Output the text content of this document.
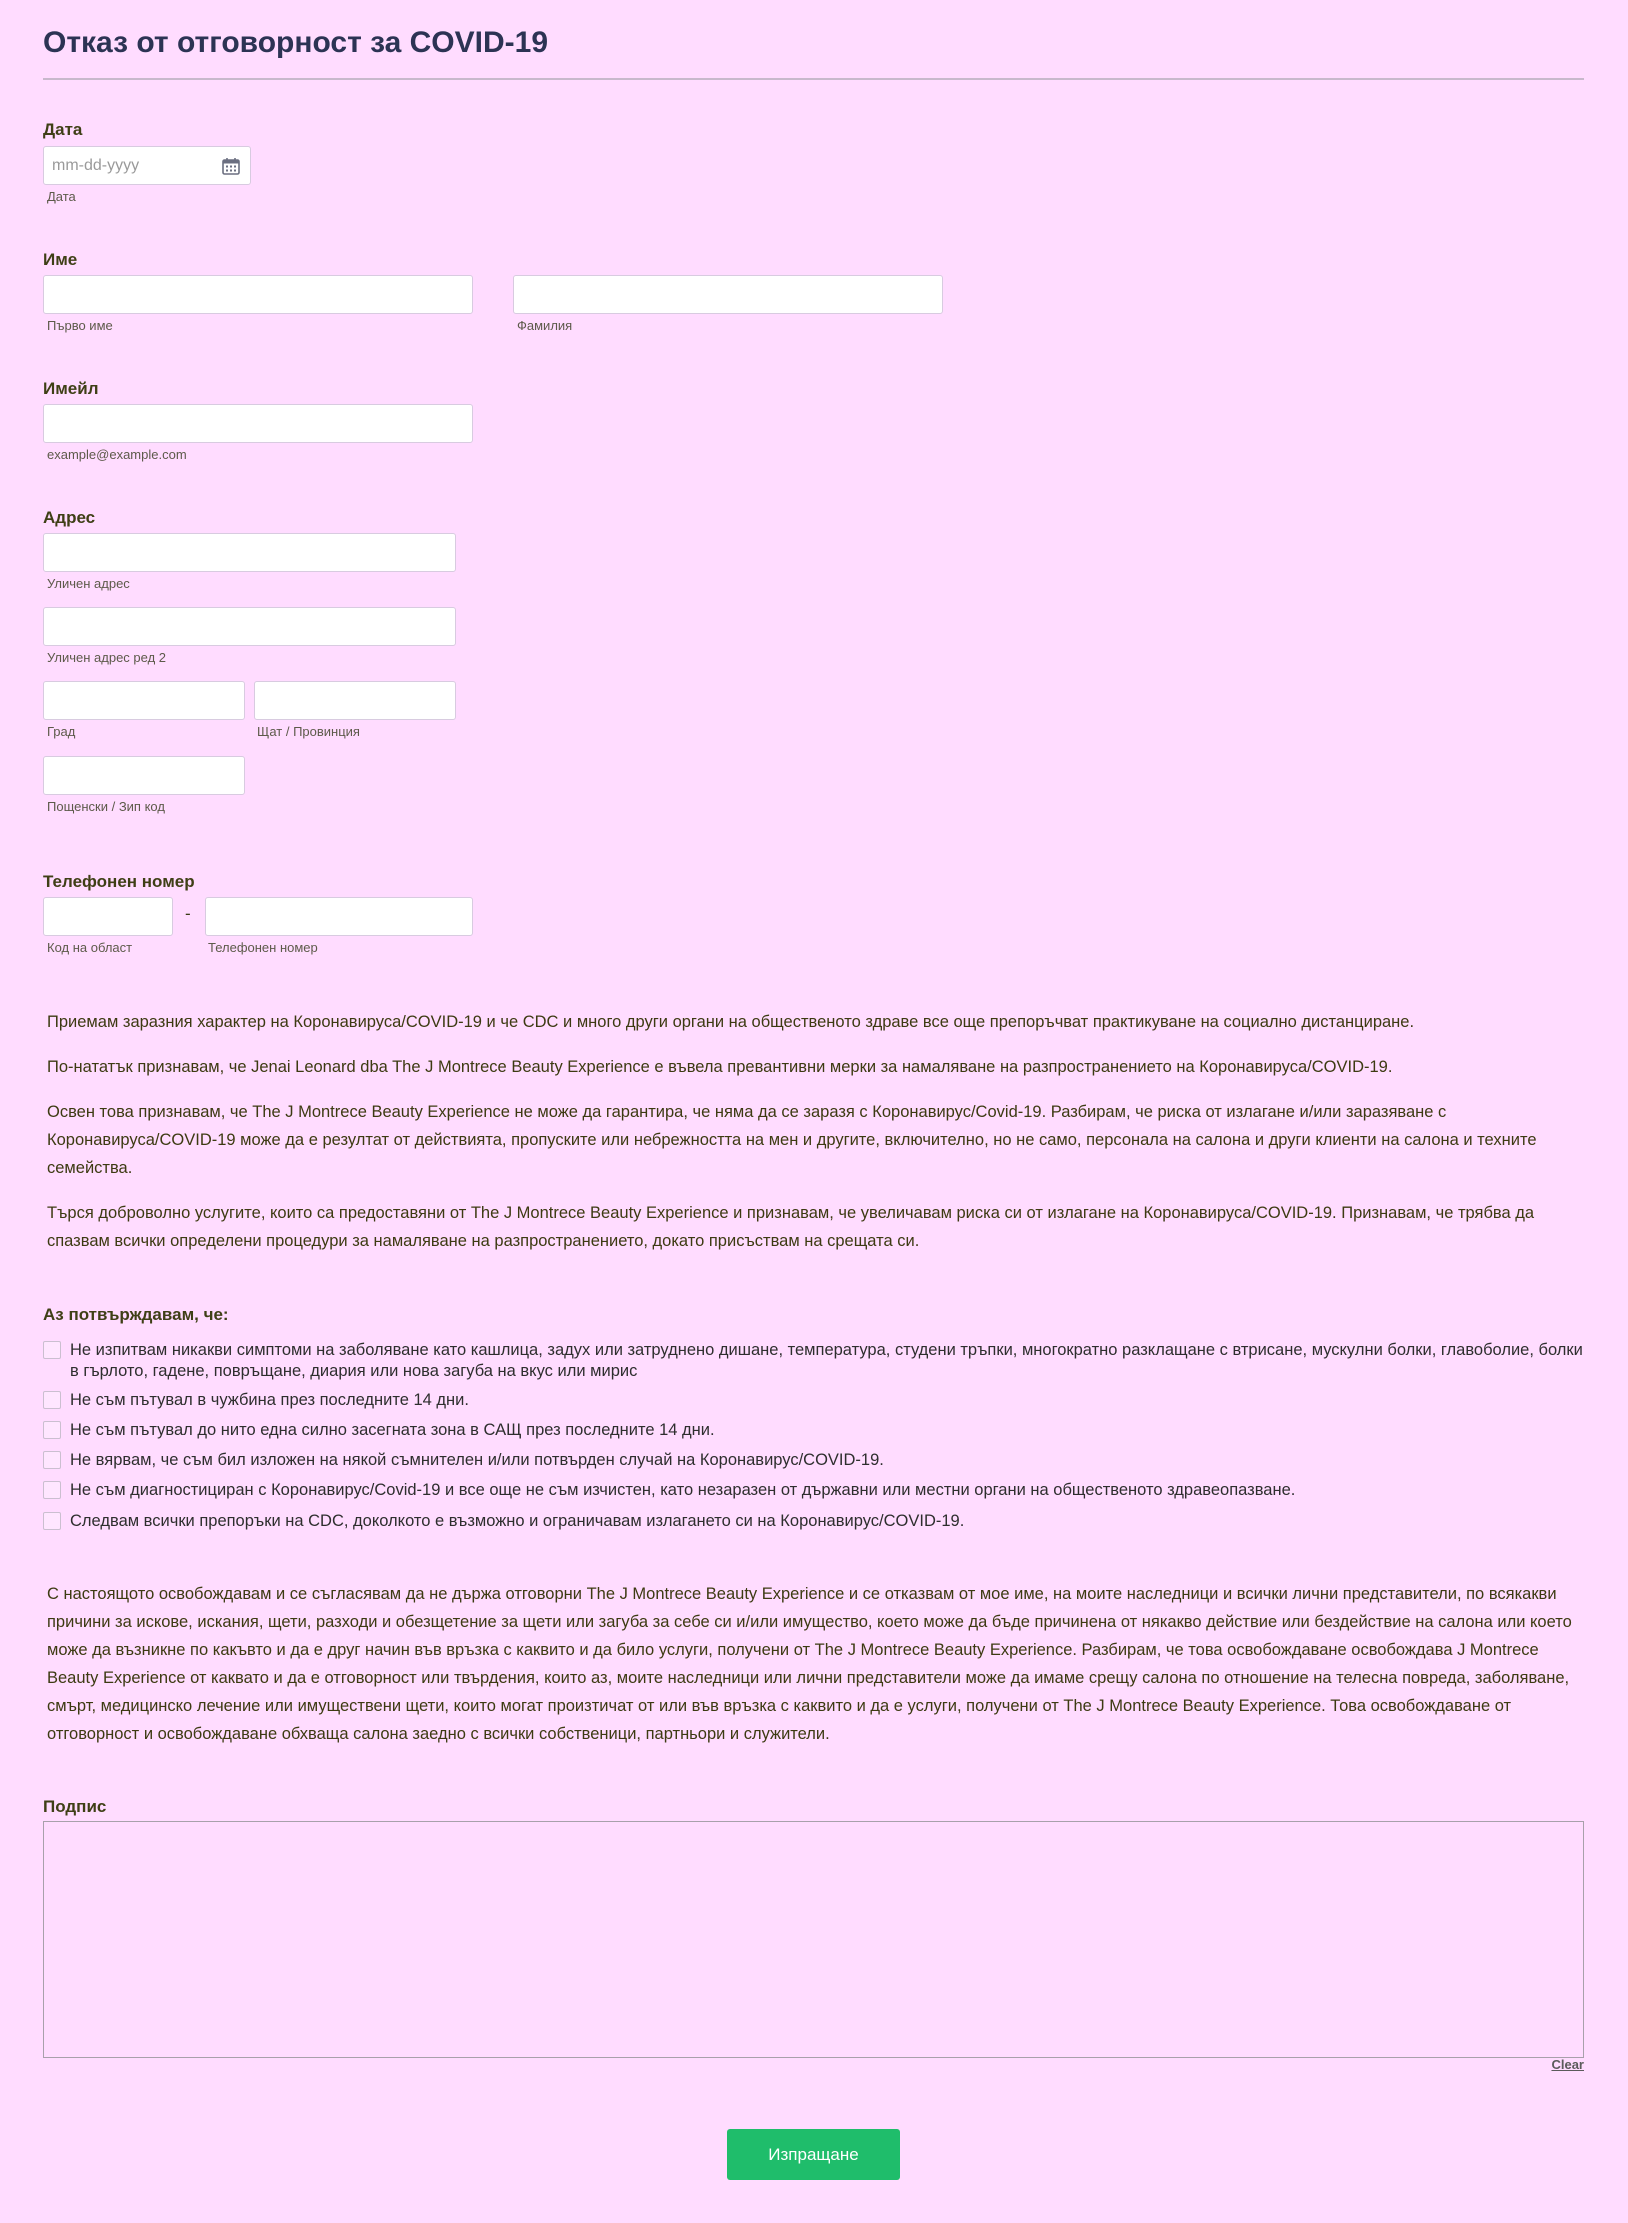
Отказ от отговорност за COVID-19
Дата
mm-dd-yyyy
Дата
Име
Първо име	Фамилия
Имейл
example@example.com
Адрес
Уличен адрес
Уличен адрес ред 2
Град	Щат / Провинция
Пощенски / Зип код
Телефонен номер
-
Код на област	Телефонен номер

Приемам заразния характер на Коронавируса/COVID-19 и че CDC и много други органи на общественото здраве все още препоръчват практикуване на социално дистанциране.

По-нататък признавам, че Jenai Leonard dba The J Montrece Beauty Experience е въвела превантивни мерки за намаляване на разпространението на Коронавируса/COVID-19.

Освен това признавам, че The J Montrece Beauty Experience не може да гарантира, че няма да се заразя с Коронавирус/Covid-19. Разбирам, че риска от излагане и/или заразяване с Коронавируса/COVID-19 може да е резултат от действията, пропуските или небрежността на мен и другите, включително, но не само, персонала на салона и други клиенти на салона и техните семейства.

Търся доброволно услугите, които са предоставяни от The J Montrece Beauty Experience и признавам, че увеличавам риска си от излагане на Коронавируса/COVID-19. Признавам, че трябва да спазвам всички определени процедури за намаляване на разпространението, докато присъствам на срещата си.

Аз потвърждавам, че:
Не изпитвам никакви симптоми на заболяване като кашлица, задух или затруднено дишане, температура, студени тръпки, многократно разклащане с втрисане, мускулни болки, главоболие, болки в гърлото, гадене, повръщане, диария или нова загуба на вкус или мирис
Не съм пътувал в чужбина през последните 14 дни.
Не съм пътувал до нито една силно засегната зона в САЩ през последните 14 дни.
Не вярвам, че съм бил изложен на някой съмнителен и/или потвърден случай на Коронавирус/COVID-19.
Не съм диагностициран с Коронавирус/Covid-19 и все още не съм изчистен, като незаразен от държавни или местни органи на общественото здравеопазване.
Следвам всички препоръки на CDC, доколкото е възможно и ограничавам излагането си на Коронавирус/COVID-19.

С настоящото освобождавам и се съгласявам да не държа отговорни The J Montrece Beauty Experience и се отказвам от мое име, на моите наследници и всички лични представители, по всякакви причини за искове, искания, щети, разходи и обезщетение за щети или загуба за себе си и/или имущество, което може да бъде причинена от някакво действие или бездействие на салона или което може да възникне по какъвто и да е друг начин във връзка с каквито и да било услуги, получени от The J Montrece Beauty Experience. Разбирам, че това освобождаване освобождава J Montrece Beauty Experience от каквато и да е отговорност или твърдения, които аз, моите наследници или лични представители може да имаме срещу салона по отношение на телесна повреда, заболяване, смърт, медицинско лечение или имуществени щети, които могат произтичат от или във връзка с каквито и да е услуги, получени от The J Montrece Beauty Experience. Това освобождаване от отговорност и освобождаване обхваща салона заедно с всички собственици, партньори и служители.

Подпис
Clear
Изпращане
